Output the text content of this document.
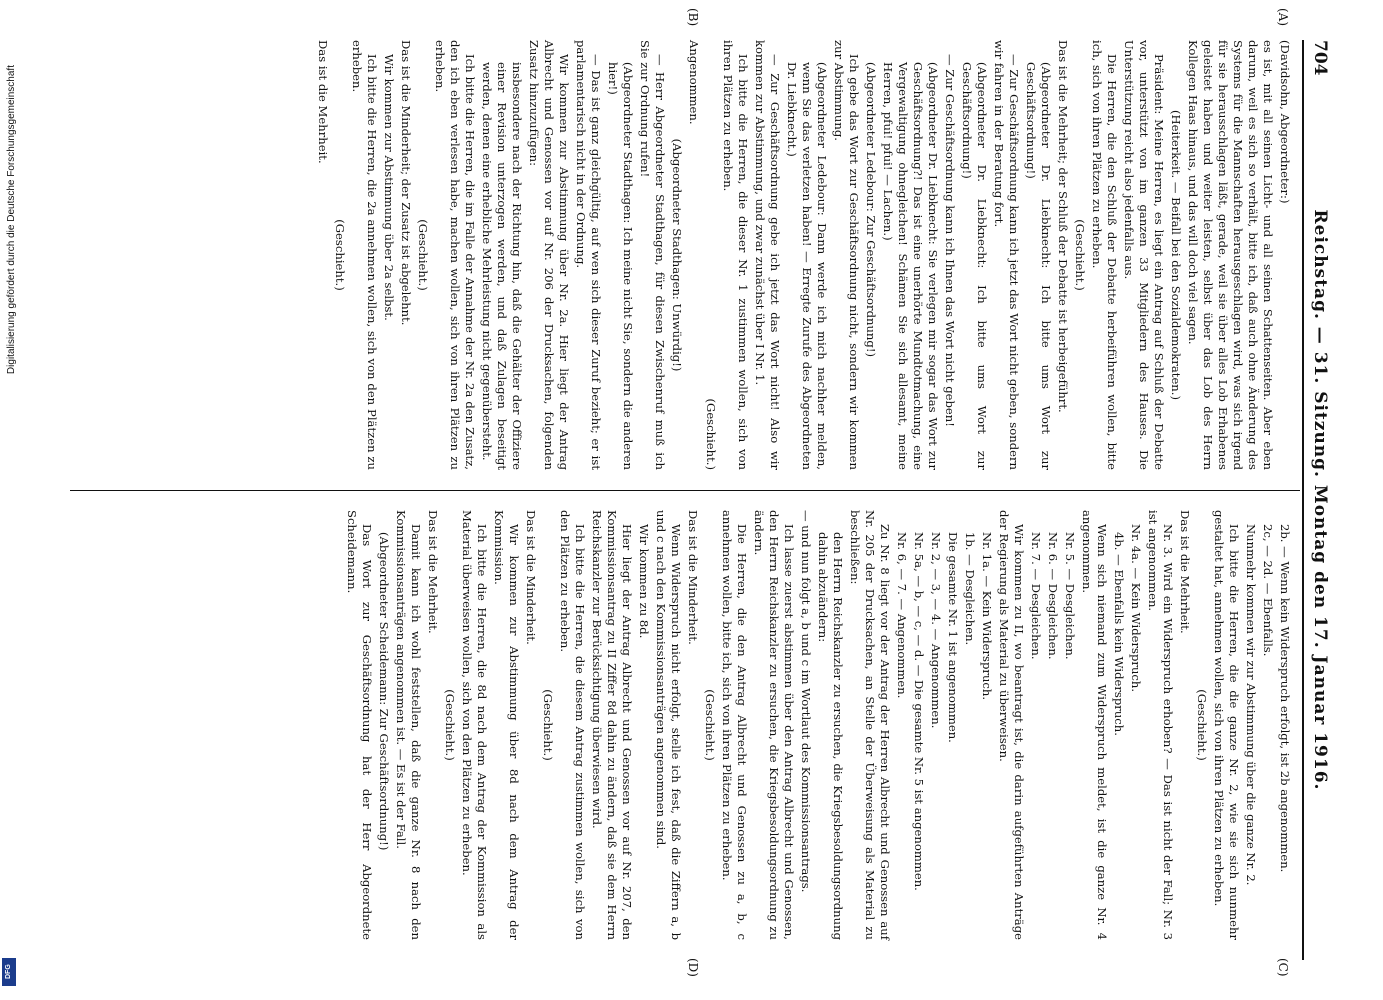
704
Reichstag. — 31. Sitzung. Montag den 17. Januar 1916.
(A)
(B)
(C)
(D)

(Davidsohn, Abgeordneter:)

es ist, mit all seinen Licht- und all seinen Schattenseiten. Aber eben darum, weil es sich so verhält, bitte ich, daß auch ohne Änderung des Systems für die Mannschaften herausgeschlagen wird, was sich irgend für sie herausschlagen läßt, gerade, weil sie über alles Lob Erhabenes geleistet haben und weiter leisten, selbst über das Lob des Herrn Kollegen Haas hinaus, und das will doch viel sagen.

(Heiterkeit. — Beifall bei den Sozialdemokraten.)

Präsident: Meine Herren, es liegt ein Antrag auf Schluß der Debatte vor, unterstützt von im ganzen 33 Mitgliedern des Hauses. Die Unterstützung reicht also jedenfalls aus.

Die Herren, die den Schluß der Debatte herbeiführen wollen, bitte ich, sich von ihren Plätzen zu erheben.

(Geschieht.)

Das ist die Mehrheit; der Schluß der Debatte ist herbeigeführt.

(Abgeordneter Dr. Liebknecht: Ich bitte ums Wort zur Geschäftsordnung!)

— Zur Geschäftsordnung kann ich jetzt das Wort nicht geben, sondern wir fahren in der Beratung fort.

(Abgeordneter Dr. Liebknecht: Ich bitte ums Wort zur Geschäftsordnung!)

— Zur Geschäftsordnung kann ich Ihnen das Wort nicht geben!

(Abgeordneter Dr. Liebknecht: Sie verlegen mir sogar das Wort zur Geschäftsordnung?! Das ist eine unerhörte Mundtotmachung, eine Vergewaltigung ohnegleichen! Schämen Sie sich allesamt, meine Herren, pfui! pfui! — Lachen.)

(Abgeordneter Ledebour: Zur Geschäftsordnung!)

Ich gebe das Wort zur Geschäftsordnung nicht, sondern wir kommen zur Abstimmung.

(Abgeordneter Ledebour: Dann werde ich mich nachher melden, wenn Sie das verletzen haben! — Erregte Zurufe des Abgeordneten Dr. Liebknecht.)

— Zur Geschäftsordnung gebe ich jetzt das Wort nicht! Also wir kommen zur Abstimmung, und zwar zunächst über I Nr. 1.

Ich bitte die Herren, die dieser Nr. 1 zustimmen wollen, sich von ihren Plätzen zu erheben.

(Geschieht.)

Angenommen.

(Abgeordneter Stadthagen: Unwürdig!)

— Herr Abgeordneter Stadthagen, für diesen Zwischenruf muß ich Sie zur Ordnung rufen!

(Abgeordneter Stadthagen: Ich meine nicht Sie, sondern die anderen hier!)

— Das ist ganz gleichgültig, auf wen sich dieser Zuruf bezieht; er ist parlamentarisch nicht in der Ordnung.

Wir kommen zur Abstimmung über Nr. 2a. Hier liegt der Antrag Albrecht und Genossen vor auf Nr. 206 der Drucksachen, folgenden Zusatz hinzuzufügen:

insbesondere nach der Richtung hin, daß die Gehälter der Offiziere einer Revision unterzogen werden, und daß Zulagen beseitigt werden, denen eine erhebliche Mehrleistung nicht gegenübersteht.

Ich bitte die Herren, die im Falle der Annahme der Nr. 2a den Zusatz, den ich eben verlesen habe, machen wollen, sich von ihren Plätzen zu erheben.

(Geschieht.)

Das ist die Minderheit; der Zusatz ist abgelehnt.

Wir kommen zur Abstimmung über 2a selbst.

Ich bitte die Herren, die 2a annehmen wollen, sich von den Plätzen zu erheben.

(Geschieht.)

Das ist die Mehrheit.

2b. — Wenn kein Widerspruch erfolgt, ist 2b angenommen.

2c, — 2d. — Ebenfalls.

Nunmehr kommen wir zur Abstimmung über die ganze Nr. 2.

Ich bitte die Herren, die die ganze Nr. 2, wie sie sich nunmehr gestaltet hat, annehmen wollen, sich von ihren Plätzen zu erheben.

(Geschieht.)

Das ist die Mehrheit.

Nr. 3. Wird ein Widerspruch erhoben? — Das ist nicht der Fall; Nr. 3 ist angenommen.

Nr. 4a. — Kein Widerspruch.

4b. — Ebenfalls kein Widerspruch.

Wenn sich niemand zum Widerspruch meldet, ist die ganze Nr. 4 angenommen.

Nr. 5. — Desgleichen.

Nr. 6. — Desgleichen.

Nr. 7. — Desgleichen.

Wir kommen zu II, wo beantragt ist, die darin aufgeführten Anträge der Regierung als Material zu überweisen.

Nr. 1a. — Kein Widerspruch.

1b. — Desgleichen.

Die gesamte Nr. 1 ist angenommen.

Nr. 2, — 3, — 4. — Angenommen.

Nr. 5a, — b, — c, — d. — Die gesamte Nr. 5 ist angenommen.

Nr. 6, — 7. — Angenommen.

Zu Nr. 8 liegt vor der Antrag der Herren Albrecht und Genossen auf Nr. 205 der Drucksachen, an Stelle der Überweisung als Material zu beschließen:

den Herrn Reichskanzler zu ersuchen, die Kriegsbesoldungsordnung dahin abzuändern:

— und nun folgt a, b und c im Wortlaut des Kommissionsantrags.

Ich lasse zuerst abstimmen über den Antrag Albrecht und Genossen, den Herrn Reichskanzler zu ersuchen, die Kriegsbesoldungsordnung zu ändern.

Die Herren, die den Antrag Albrecht und Genossen zu a, b, c annehmen wollen, bitte ich, sich von ihren Plätzen zu erheben.

(Geschieht.)

Das ist die Minderheit.

Wenn Widerspruch nicht erfolgt, stelle ich fest, daß die Ziffern a, b und c nach den Kommissionsanträgen angenommen sind.

Wir kommen zu 8d.

Hier liegt der Antrag Albrecht und Genossen vor auf Nr. 207, den Kommissionsantrag zu II Ziffer 8d dahin zu ändern, daß sie dem Herrn Reichskanzler zur Berücksichtigung überwiesen wird.

Ich bitte die Herren, die diesem Antrag zustimmen wollen, sich von den Plätzen zu erheben.

(Geschieht.)

Das ist die Minderheit.

Wir kommen zur Abstimmung über 8d nach dem Antrag der Kommission.

Ich bitte die Herren, die 8d nach dem Antrag der Kommission als Material überweisen wollen, sich von den Plätzen zu erheben.

(Geschieht.)

Das ist die Mehrheit.

Damit kann ich wohl feststellen, daß die ganze Nr. 8 nach den Kommissionsanträgen angenommen ist. — Es ist der Fall.

(Abgeordneter Scheidemann: Zur Geschäftsordnung!)

Das Wort zur Geschäftsordnung hat der Herr Abgeordnete Scheidemann.

Digitalisierung gefördert durch die Deutsche Forschungsgemeinschaft
DFG
